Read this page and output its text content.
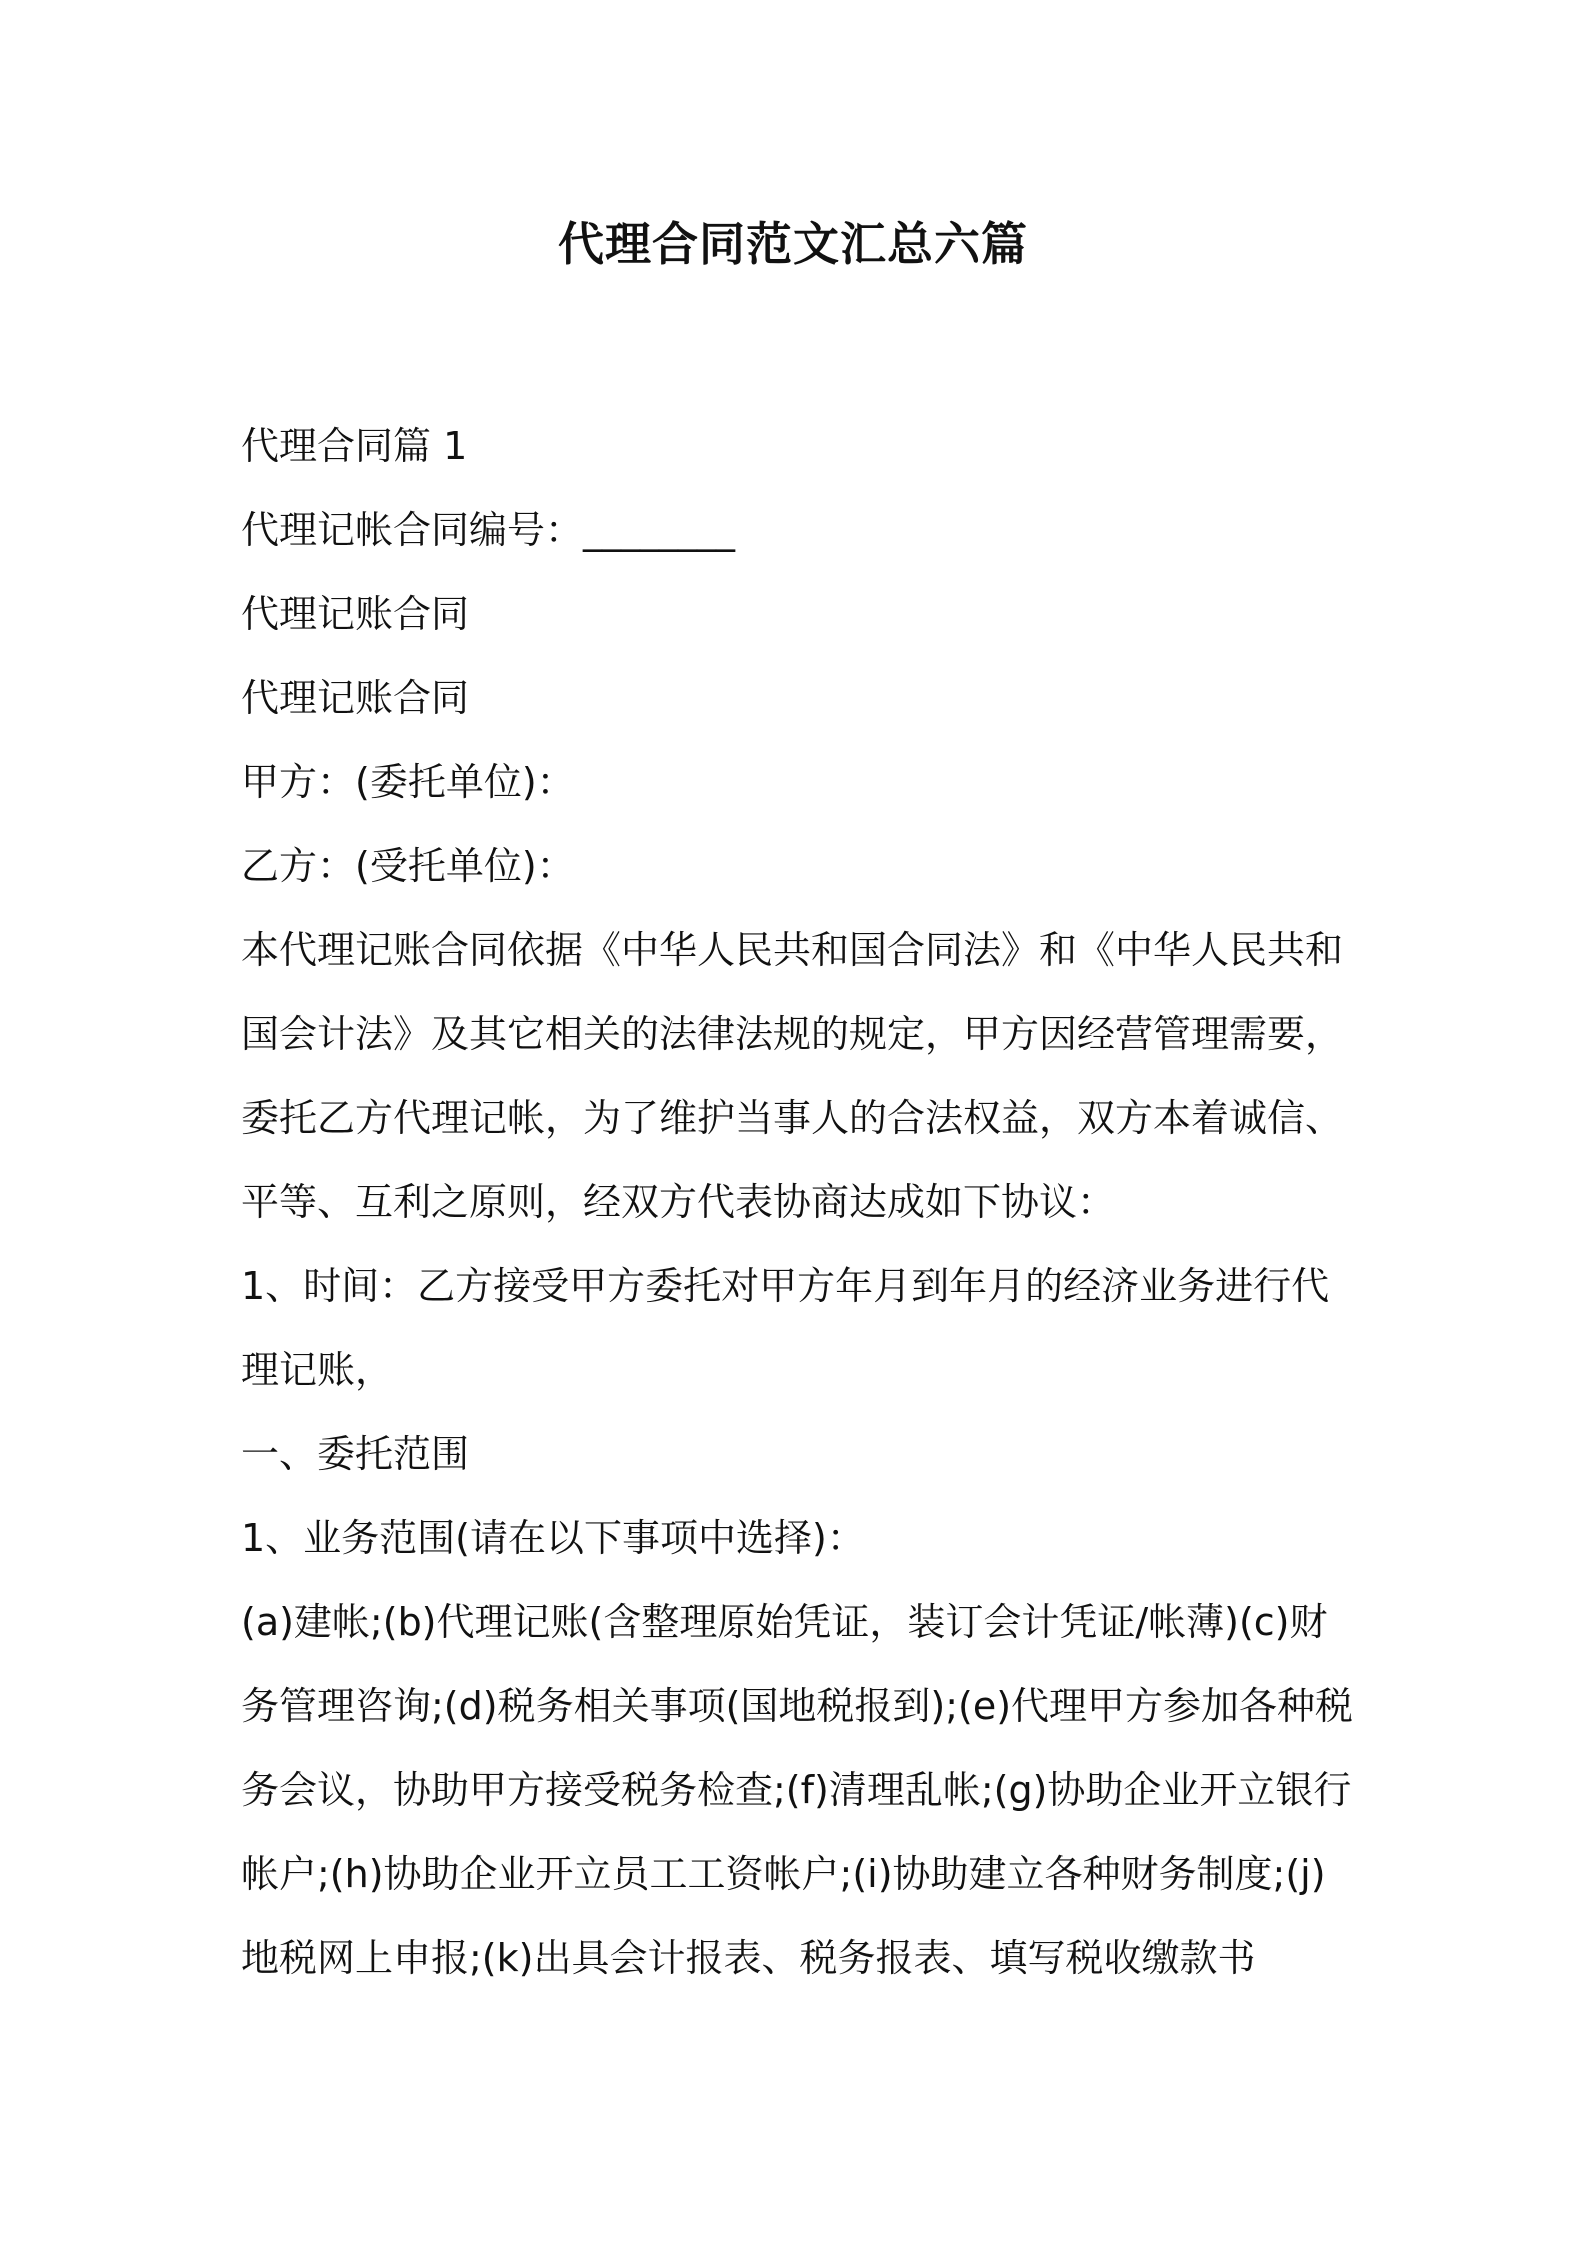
代理合同范文汇总六篇

代理合同篇 1

代理记帐合同编号：________

代理记账合同

代理记账合同

甲方：(委托单位)：

乙方：(受托单位)：

本代理记账合同依据《中华人民共和国合同法》和《中华人民共和国会计法》及其它相关的法律法规的规定，甲方因经营管理需要，委托乙方代理记帐，为了维护当事人的合法权益，双方本着诚信、平等、互利之原则，经双方代表协商达成如下协议：

1、时间：乙方接受甲方委托对甲方年月到年月的经济业务进行代理记账，

一、委托范围

1、业务范围(请在以下事项中选择)：

(a)建帐;(b)代理记账(含整理原始凭证，装订会计凭证/帐薄)(c)财务管理咨询;(d)税务相关事项(国地税报到);(e)代理甲方参加各种税务会议，协助甲方接受税务检查;(f)清理乱帐;(g)协助企业开立银行帐户;(h)协助企业开立员工工资帐户;(i)协助建立各种财务制度;(j)地税网上申报;(k)出具会计报表、税务报表、填写税收缴款书
